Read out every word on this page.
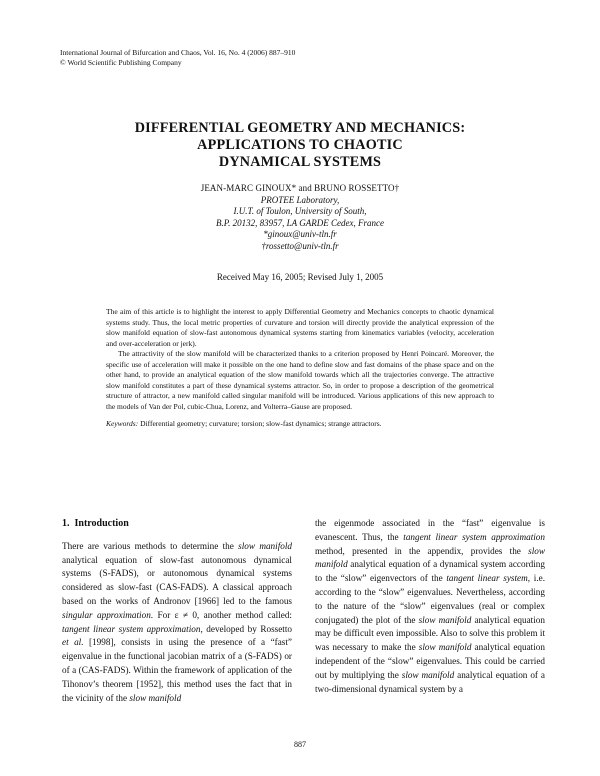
International Journal of Bifurcation and Chaos, Vol. 16, No. 4 (2006) 887–910
© World Scientific Publishing Company
DIFFERENTIAL GEOMETRY AND MECHANICS:
APPLICATIONS TO CHAOTIC
DYNAMICAL SYSTEMS
JEAN-MARC GINOUX* and BRUNO ROSSETTO†
PROTEE Laboratory,
I.U.T. of Toulon, University of South,
B.P. 20132, 83957, LA GARDE Cedex, France
*ginoux@univ-tln.fr
†rossetto@univ-tln.fr
Received May 16, 2005; Revised July 1, 2005

The aim of this article is to highlight the interest to apply Differential Geometry and Mechanics concepts to chaotic dynamical systems study. Thus, the local metric properties of curvature and torsion will directly provide the analytical expression of the slow manifold equation of slow-fast autonomous dynamical systems starting from kinematics variables (velocity, acceleration and over-acceleration or jerk).

The attractivity of the slow manifold will be characterized thanks to a criterion proposed by Henri Poincaré. Moreover, the specific use of acceleration will make it possible on the one hand to define slow and fast domains of the phase space and on the other hand, to provide an analytical equation of the slow manifold towards which all the trajectories converge. The attractive slow manifold constitutes a part of these dynamical systems attractor. So, in order to propose a description of the geometrical structure of attractor, a new manifold called singular manifold will be introduced. Various applications of this new approach to the models of Van der Pol, cubic-Chua, Lorenz, and Volterra–Gause are proposed.

Keywords: Differential geometry; curvature; torsion; slow-fast dynamics; strange attractors.

1. Introduction

There are various methods to determine the slow manifold analytical equation of slow-fast autonomous dynamical systems (S-FADS), or autonomous dynamical systems considered as slow-fast (CAS-FADS). A classical approach based on the works of Andronov [1966] led to the famous singular approximation. For ε ≠ 0, another method called: tangent linear system approximation, developed by Rossetto et al. [1998], consists in using the presence of a “fast” eigenvalue in the functional jacobian matrix of a (S-FADS) or of a (CAS-FADS). Within the framework of application of the Tihonov’s theorem [1952], this method uses the fact that in the vicinity of the slow manifold

the eigenmode associated in the “fast” eigenvalue is evanescent. Thus, the tangent linear system approximation method, presented in the appendix, provides the slow manifold analytical equation of a dynamical system according to the “slow” eigenvectors of the tangent linear system, i.e. according to the “slow” eigenvalues. Nevertheless, according to the nature of the “slow” eigenvalues (real or complex conjugated) the plot of the slow manifold analytical equation may be difficult even impossible. Also to solve this problem it was necessary to make the slow manifold analytical equation independent of the “slow” eigenvalues. This could be carried out by multiplying the slow manifold analytical equation of a two-dimensional dynamical system by a

887
